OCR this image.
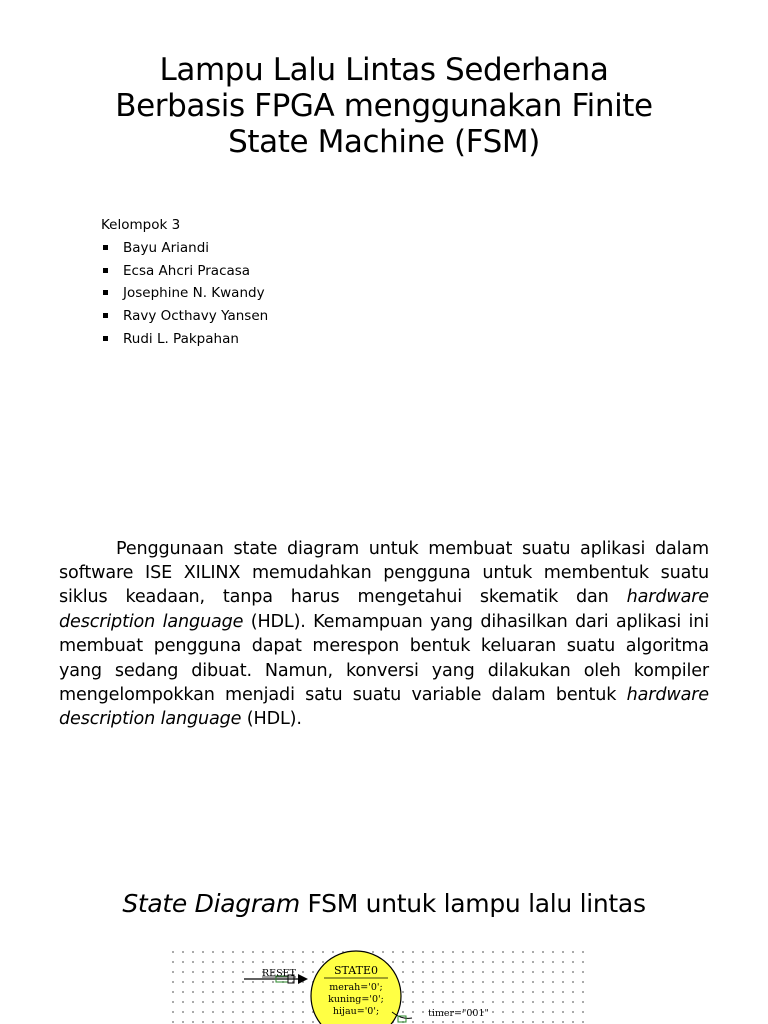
Lampu Lalu Lintas Sederhana
Berbasis FPGA menggunakan Finite
State Machine (FSM)
Kelompok 3
Bayu Ariandi
Ecsa Ahcri Pracasa
Josephine N. Kwandy
Ravy Octhavy Yansen
Rudi L. Pakpahan

Penggunaan state diagram untuk membuat suatu aplikasi dalam software ISE XILINX memudahkan pengguna untuk membentuk suatu siklus keadaan, tanpa harus mengetahui skematik dan hardware description language (HDL). Kemampuan yang dihasilkan dari aplikasi ini membuat pengguna dapat merespon bentuk keluaran suatu algoritma yang sedang dibuat. Namun, konversi yang dilakukan oleh kompiler mengelompokkan menjadi satu suatu variable dalam bentuk hardware description language (HDL).

State Diagram FSM untuk lampu lalu lintas
RESET	STATE0
merah='0';
kuning='0';
hijau='0';	timer="001"
